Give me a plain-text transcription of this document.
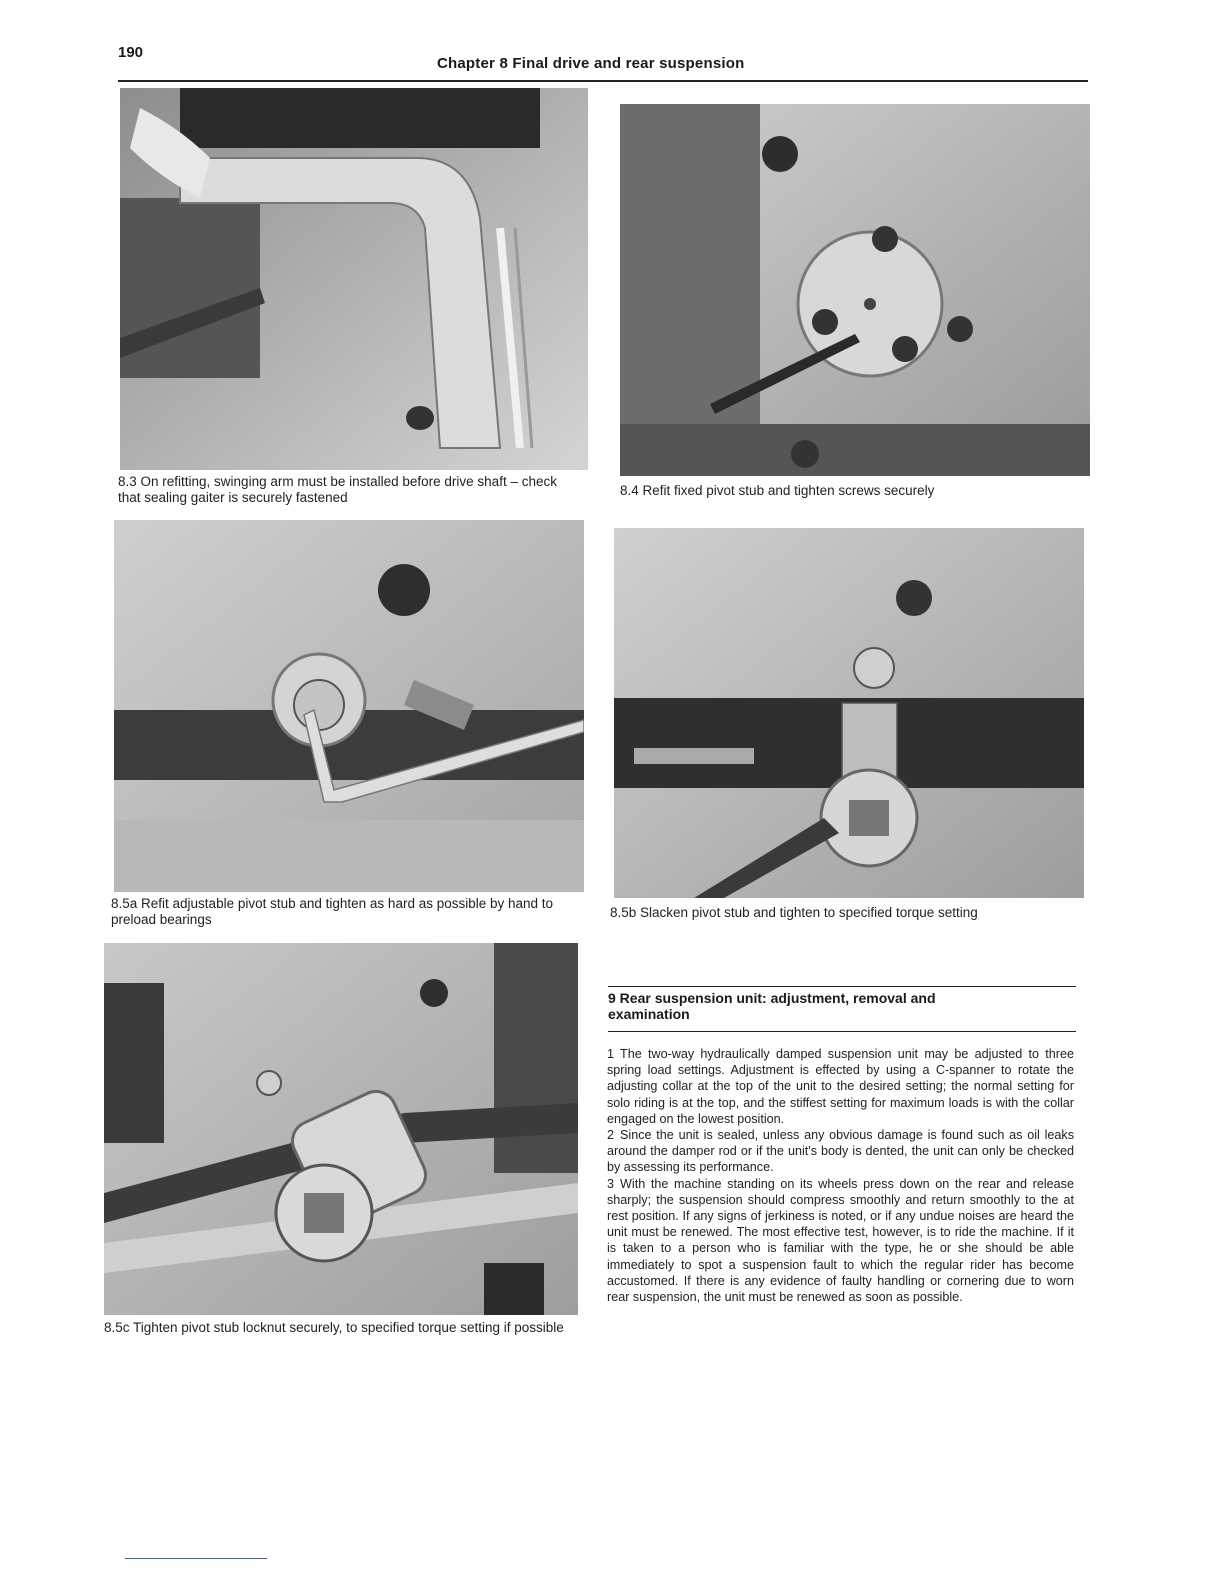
190
Chapter 8 Final drive and rear suspension
8.3 On refitting, swinging arm must be installed before drive shaft – check that sealing gaiter is securely fastened	8.4 Refit fixed pivot stub and tighten screws securely
8.5a Refit adjustable pivot stub and tighten as hard as possible by hand to preload bearings	8.5b Slacken pivot stub and tighten to specified torque setting
8.5c Tighten pivot stub locknut securely, to specified torque setting if possible
9 Rear suspension unit: adjustment, removal and examination

1 The two-way hydraulically damped suspension unit may be adjusted to three spring load settings. Adjustment is effected by using a C-spanner to rotate the adjusting collar at the top of the unit to the desired setting; the normal setting for solo riding is at the top, and the stiffest setting for maximum loads is with the collar engaged on the lowest position.

2 Since the unit is sealed, unless any obvious damage is found such as oil leaks around the damper rod or if the unit's body is dented, the unit can only be checked by assessing its performance.

3 With the machine standing on its wheels press down on the rear and release sharply; the suspension should compress smoothly and return smoothly to the at rest position. If any signs of jerkiness is noted, or if any undue noises are heard the unit must be renewed. The most effective test, however, is to ride the machine. If it is taken to a person who is familiar with the type, he or she should be able immediately to spot a suspension fault to which the regular rider has become accustomed. If there is any evidence of faulty handling or cornering due to worn rear suspension, the unit must be renewed as soon as possible.
